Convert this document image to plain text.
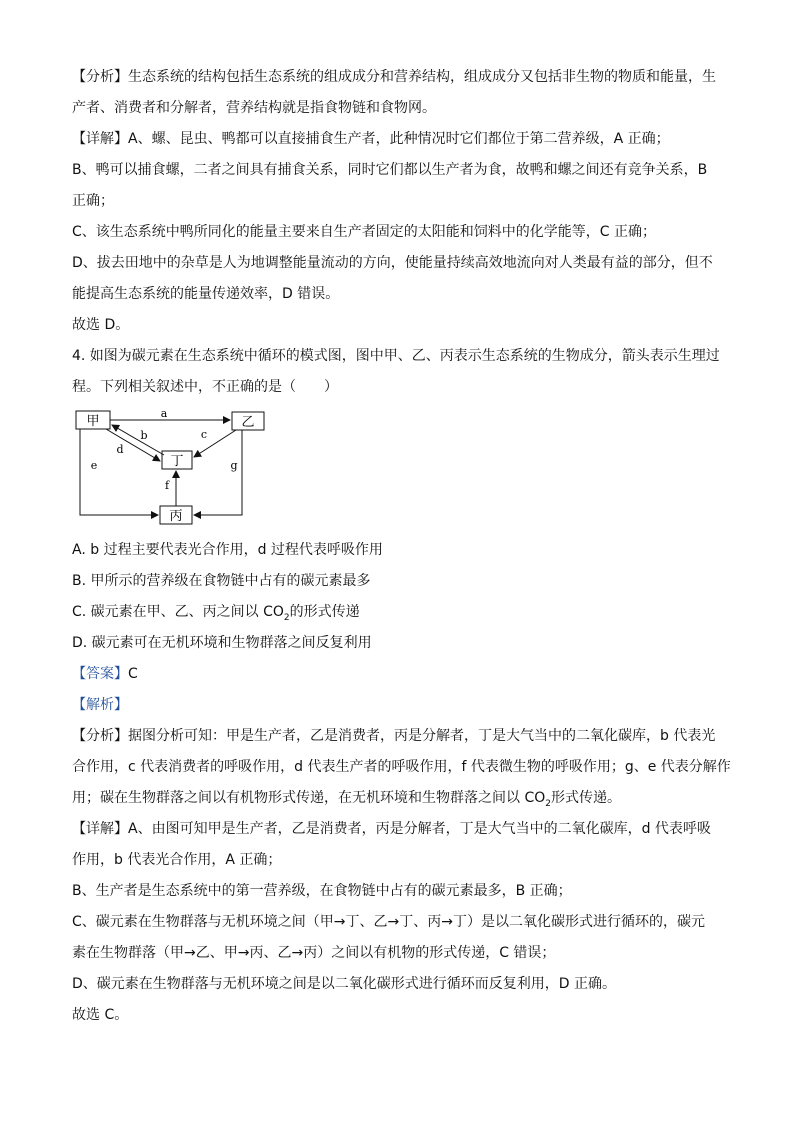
【分析】生态系统的结构包括生态系统的组成成分和营养结构，组成成分又包括非生物的物质和能量，生
产者、消费者和分解者，营养结构就是指食物链和食物网。
【详解】A、螺、昆虫、鸭都可以直接捕食生产者，此种情况时它们都位于第二营养级，A 正确；
B、鸭可以捕食螺，二者之间具有捕食关系，同时它们都以生产者为食，故鸭和螺之间还有竞争关系，B
正确；
C、该生态系统中鸭所同化的能量主要来自生产者固定的太阳能和饲料中的化学能等，C 正确；
D、拔去田地中的杂草是人为地调整能量流动的方向，使能量持续高效地流向对人类最有益的部分，但不
能提高生态系统的能量传递效率，D 错误。
故选 D。
4. 如图为碳元素在生态系统中循环的模式图，图中甲、乙、丙表示生态系统的生物成分，箭头表示生理过
程。下列相关叙述中，不正确的是（　　）
甲	乙
丁
丙
a
b	c
d
e
f
g
A. b 过程主要代表光合作用，d 过程代表呼吸作用
B. 甲所示的营养级在食物链中占有的碳元素最多
C. 碳元素在甲、乙、丙之间以 $CO_2$的形式传递
D. 碳元素可在无机环境和生物群落之间反复利用
【答案】C
【解析】
【分析】据图分析可知：甲是生产者，乙是消费者，丙是分解者，丁是大气当中的二氧化碳库，b 代表光
合作用，c 代表消费者的呼吸作用，d 代表生产者的呼吸作用，f 代表微生物的呼吸作用；g、e 代表分解作
用；碳在生物群落之间以有机物形式传递，在无机环境和生物群落之间以 $CO_2$形式传递。
【详解】A、由图可知甲是生产者，乙是消费者，丙是分解者，丁是大气当中的二氧化碳库，d 代表呼吸
作用，b 代表光合作用，A 正确；
B、生产者是生态系统中的第一营养级，在食物链中占有的碳元素最多，B 正确；
C、碳元素在生物群落与无机环境之间（甲→丁、乙→丁、丙→丁）是以二氧化碳形式进行循环的，碳元
素在生物群落（甲→乙、甲→丙、乙→丙）之间以有机物的形式传递，C 错误；
D、碳元素在生物群落与无机环境之间是以二氧化碳形式进行循环而反复利用，D 正确。
故选 C。
